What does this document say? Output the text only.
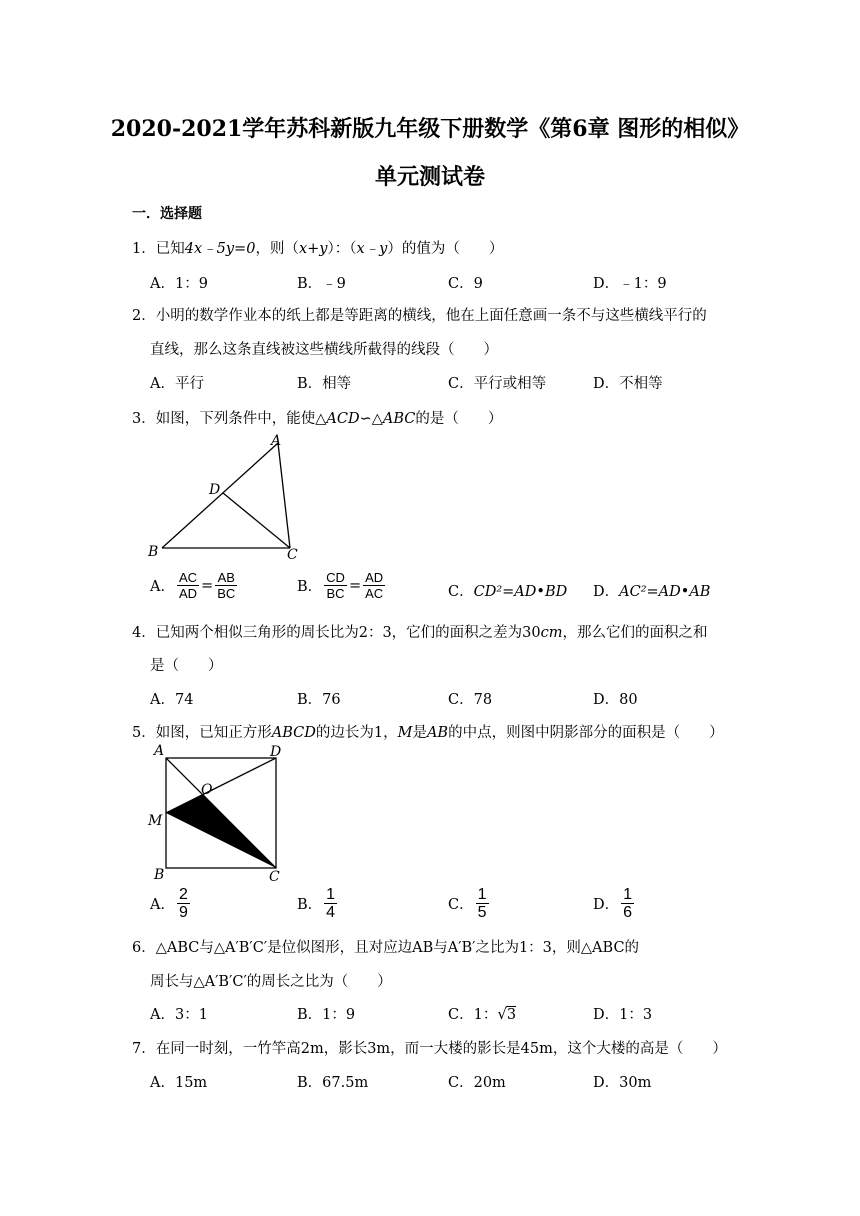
2020-2021学年苏科新版九年级下册数学《第6章 图形的相似》
单元测试卷
一．选择题
1．已知4x﹣5y=0，则（x+y）：（x﹣y）的值为（　　）
A．1：9	B．﹣9	C．9	D．﹣1：9
2．小明的数学作业本的纸上都是等距离的横线，他在上面任意画一条不与这些横线平行的
直线，那么这条直线被这些横线所截得的线段（　　）
A．平行	B．相等	C．平行或相等	D．不相等
3．如图，下列条件中，能使△ACD∽△ABC的是（　　）
A
D
B	C
A． $\frac{AC}{AD} = \frac{AB}{BC}$	B． $\frac{CD}{BC} = \frac{AD}{AC}$	C．CD²=AD•BD D．AC²=AD•AB
4．已知两个相似三角形的周长比为2：3，它们的面积之差为30cm，那么它们的面积之和
是（　　）
A．74	B．76	C．78	D．80
5．如图，已知正方形ABCD的边长为1，M是AB的中点，则图中阴影部分的面积是（　　）
A	D
O
M
B	C
A． $\frac{2}{9}$	B． $\frac{1}{4}$	C． $\frac{1}{5}$	D． $\frac{1}{6}$
6．△ABC与△A′B′C′是位似图形，且对应边AB与A′B′之比为1：3，则△ABC的
周长与△A′B′C′的周长之比为（　　）
A．3：1	B．1：9	C．1：√3	D．1：3
7．在同一时刻，一竹竿高2m，影长3m，而一大楼的影长是45m，这个大楼的高是（　　）
A．15m	B．67.5m	C．20m	D．30m
